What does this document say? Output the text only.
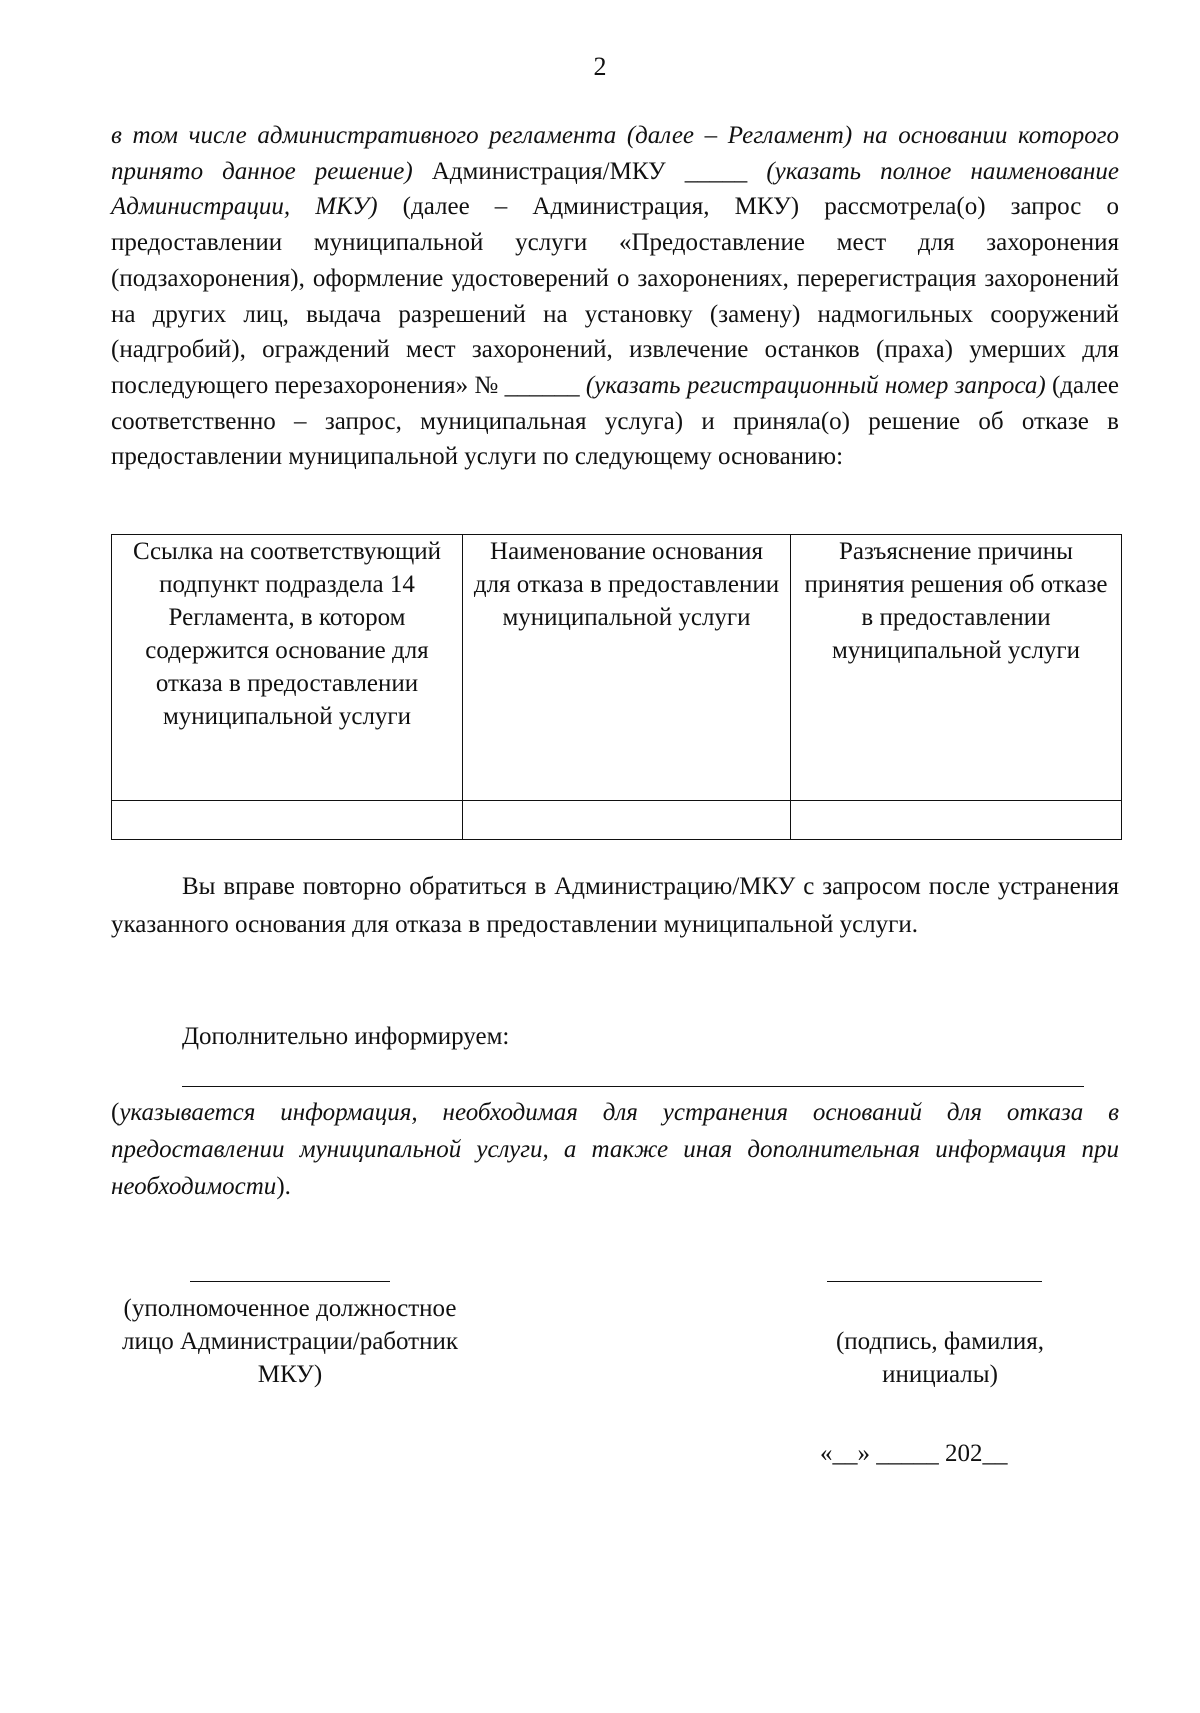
2
в том числе административного регламента (далее – Регламент) на основании которого принято данное решение) Администрация/МКУ _____ (указать полное наименование Администрации, МКУ) (далее – Администрация, МКУ) рассмотрела(о) запрос о предоставлении муниципальной услуги «Предоставление мест для захоронения (подзахоронения), оформление удостоверений о захоронениях, перерегистрация захоронений на других лиц, выдача разрешений на установку (замену) надмогильных сооружений (надгробий), ограждений мест захоронений, извлечение останков (праха) умерших для последующего перезахоронения» № ______ (указать регистрационный номер запроса) (далее соответственно – запрос, муниципальная услуга) и приняла(о) решение об отказе в предоставлении муниципальной услуги по следующему основанию:
Ссылка на соответствующий подпункт подраздела 14 Регламента, в котором содержится основание для отказа в предоставлении муниципальной услуги	Наименование основания для отказа в предоставлении муниципальной услуги	Разъяснение причины принятия решения об отказе в предоставлении муниципальной услуги

Вы вправе повторно обратиться в Администрацию/МКУ с запросом после устранения указанного основания для отказа в предоставлении муниципальной услуги.
Дополнительно информируем:
(указывается информация, необходимая для устранения оснований для отказа в предоставлении муниципальной услуги, а также иная дополнительная информация при необходимости).
(уполномоченное должностное лицо Администрации/работник МКУ)
(подпись, фамилия, инициалы)
«__» _____ 202__
